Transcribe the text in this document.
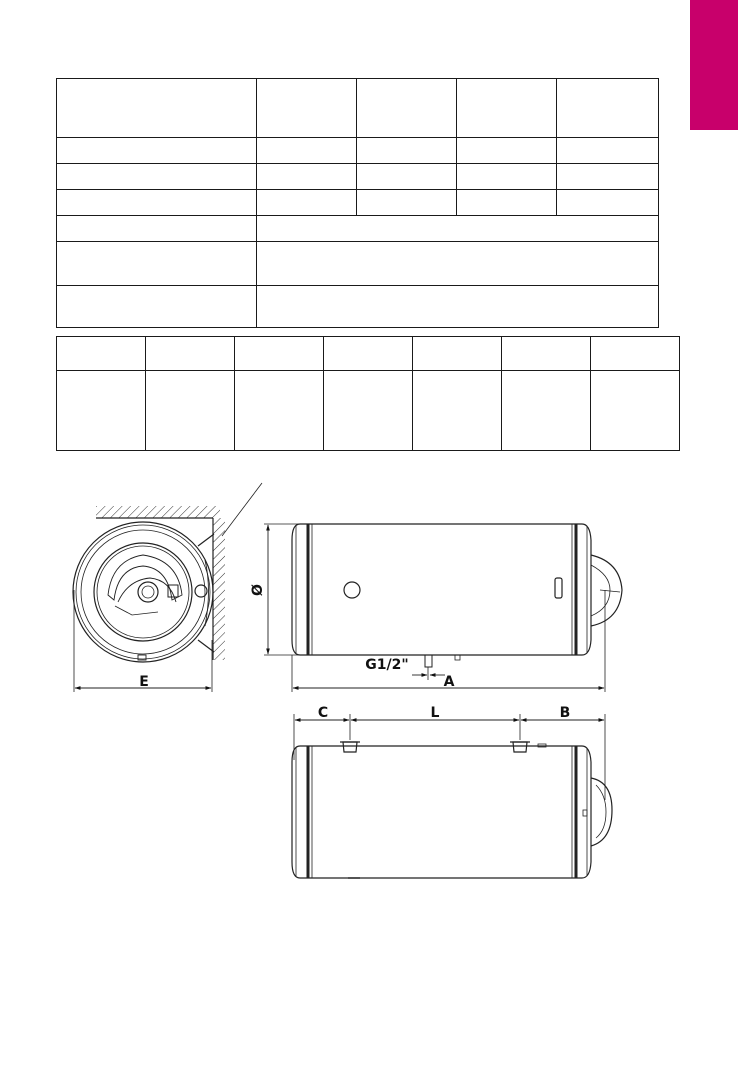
E
Ø
G1/2"
A
C	L	B
